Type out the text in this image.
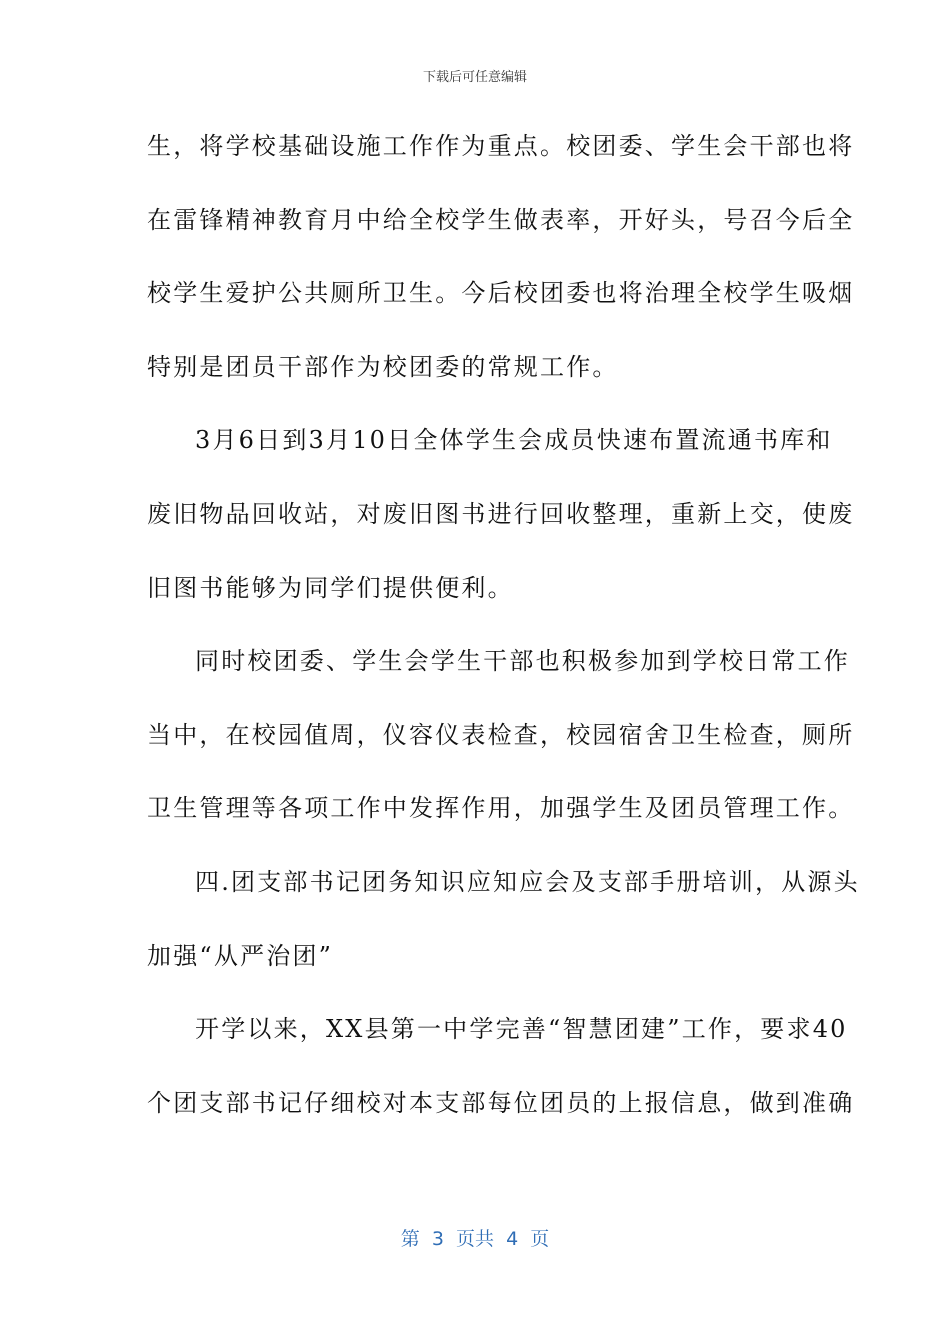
下载后可任意编辑
生，将学校基础设施工作作为重点。校团委、学生会干部也将
在雷锋精神教育月中给全校学生做表率，开好头，号召今后全
校学生爱护公共厕所卫生。今后校团委也将治理全校学生吸烟
特别是团员干部作为校团委的常规工作。
3月6日到3月10日全体学生会成员快速布置流通书库和
废旧物品回收站，对废旧图书进行回收整理，重新上交，使废
旧图书能够为同学们提供便利。
同时校团委、学生会学生干部也积极参加到学校日常工作
当中，在校园值周，仪容仪表检查，校园宿舍卫生检查，厕所
卫生管理等各项工作中发挥作用，加强学生及团员管理工作。
四.团支部书记团务知识应知应会及支部手册培训，从源头
加强“从严治团”
开学以来，XX县第一中学完善“智慧团建”工作，要求40
个团支部书记仔细校对本支部每位团员的上报信息，做到准确
第  3  页共  4  页
